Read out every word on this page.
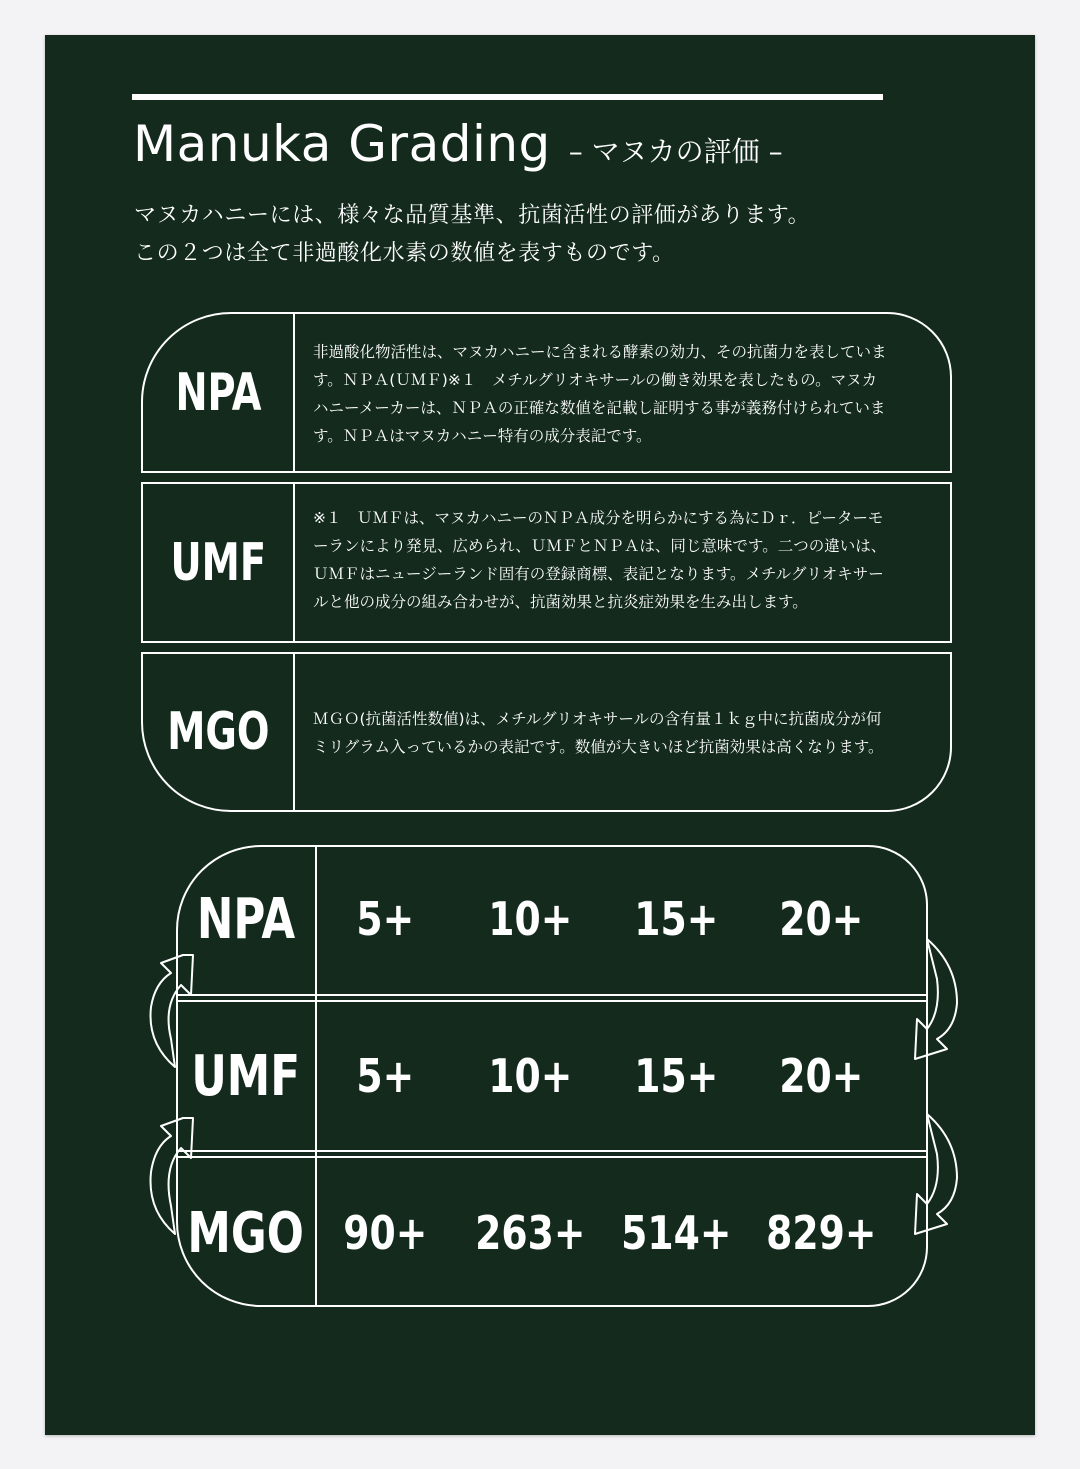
Manuka Grading – マヌカの評価 –
マヌカハニーには、様々な品質基準、抗菌活性の評価があります。
この２つは全て非過酸化水素の数値を表すものです。
NPA
非過酸化物活性は、マヌカハニーに含まれる酵素の効力、その抗菌力を表していま
す。ＮＰＡ(ＵＭＦ)※１　メチルグリオキサールの働き効果を表したもの。マヌカ
ハニーメーカーは、ＮＰＡの正確な数値を記載し証明する事が義務付けられていま
す。ＮＰＡはマヌカハニー特有の成分表記です。
UMF
※１　ＵＭＦは、マヌカハニーのＮＰＡ成分を明らかにする為にＤｒ．ピーターモ
ーランにより発見、広められ、ＵＭＦとＮＰＡは、同じ意味です。二つの違いは、
ＵＭＦはニュージーランド固有の登録商標、表記となります。メチルグリオキサー
ルと他の成分の組み合わせが、抗菌効果と抗炎症効果を生み出します。
MGO	ＭＧＯ(抗菌活性数値)は、メチルグリオキサールの含有量１ｋｇ中に抗菌成分が何
ミリグラム入っているかの表記です。数値が大きいほど抗菌効果は高くなります。
NPA 5+ 10+ 15+ 20+
UMF 5+ 10+ 15+ 20+
MGO 90+ 263+ 514+ 829+
